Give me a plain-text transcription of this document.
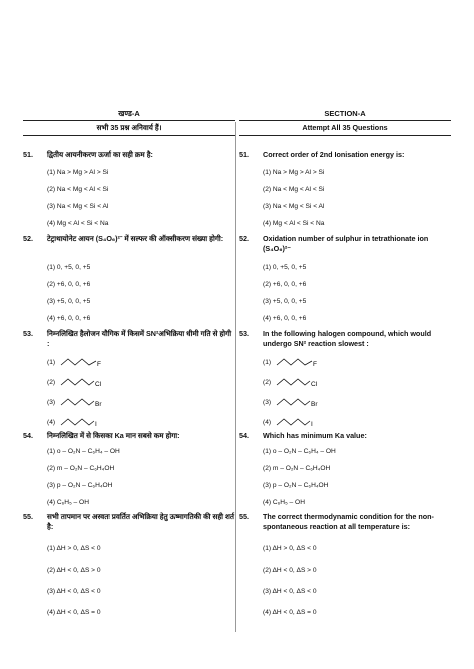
खण्ड-A
सभी 35 प्रश्न अनिवार्य हैं।
51.	द्वितीय आयनीकरण ऊर्जा का सही क्रम है:
(1) Na > Mg > Al > Si
(2) Na < Mg < Al < Si
(3) Na < Mg < Si < Al
(4) Mg < Al < Si < Na
52.	टेट्राथायोनेट आयन (S₄O₆)²⁻ में सल्फर की ऑक्सीकरण संख्या होगी:
(1) 0, +5, 0, +5
(2) +6, 0, 0, +6
(3) +5, 0, 0, +5
(4) +6, 0, 0, +6
53.	निम्नलिखित हैलोजन यौगिक में किसमें SN²अभिक्रिया धीमी गति से होगी :
(1)	F
(2)	Cl
(3)	Br
(4)	I
54.	निम्नलिखित में से किसका Ka मान सबसे कम होगा:
(1) o – O₂N – C₆H₄ – OH
(2) m – O₂N – C₆H₄OH
(3) p – O₂N – C₆H₄OH
(4) C₆H₅ – OH
55.	सभी तापमान पर अस्वतः प्रवर्तित अभिक्रिया हेतु ऊष्मागतिकी की सही शर्त है:
(1) ΔH > 0, ΔS < 0
(2) ΔH < 0, ΔS > 0
(3) ΔH < 0, ΔS < 0
(4) ΔH < 0, ΔS = 0
SECTION-A
Attempt All 35 Questions
51.	Correct order of 2nd Ionisation energy is:
(1) Na > Mg > Al > Si
(2) Na < Mg < Al < Si
(3) Na < Mg < Si < Al
(4) Mg < Al < Si < Na
52.	Oxidation number of sulphur in tetrathionate ion (S₄O₆)²⁻
(1) 0, +5, 0, +5
(2) +6, 0, 0, +6
(3) +5, 0, 0, +5
(4) +6, 0, 0, +6
53.	In the following halogen compound, which would undergo SN² reaction slowest :
(1)	F
(2)	Cl
(3)	Br
(4)	I
54.	Which has minimum Ka value:
(1) o – O₂N – C₆H₄ – OH
(2) m – O₂N – C₆H₄OH
(3) p – O₂N – C₆H₄OH
(4) C₆H₅ – OH
55.	The correct thermodynamic condition for the non-spontaneous reaction at all temperature is:
(1) ΔH > 0, ΔS < 0
(2) ΔH < 0, ΔS > 0
(3) ΔH < 0, ΔS < 0
(4) ΔH < 0, ΔS = 0
